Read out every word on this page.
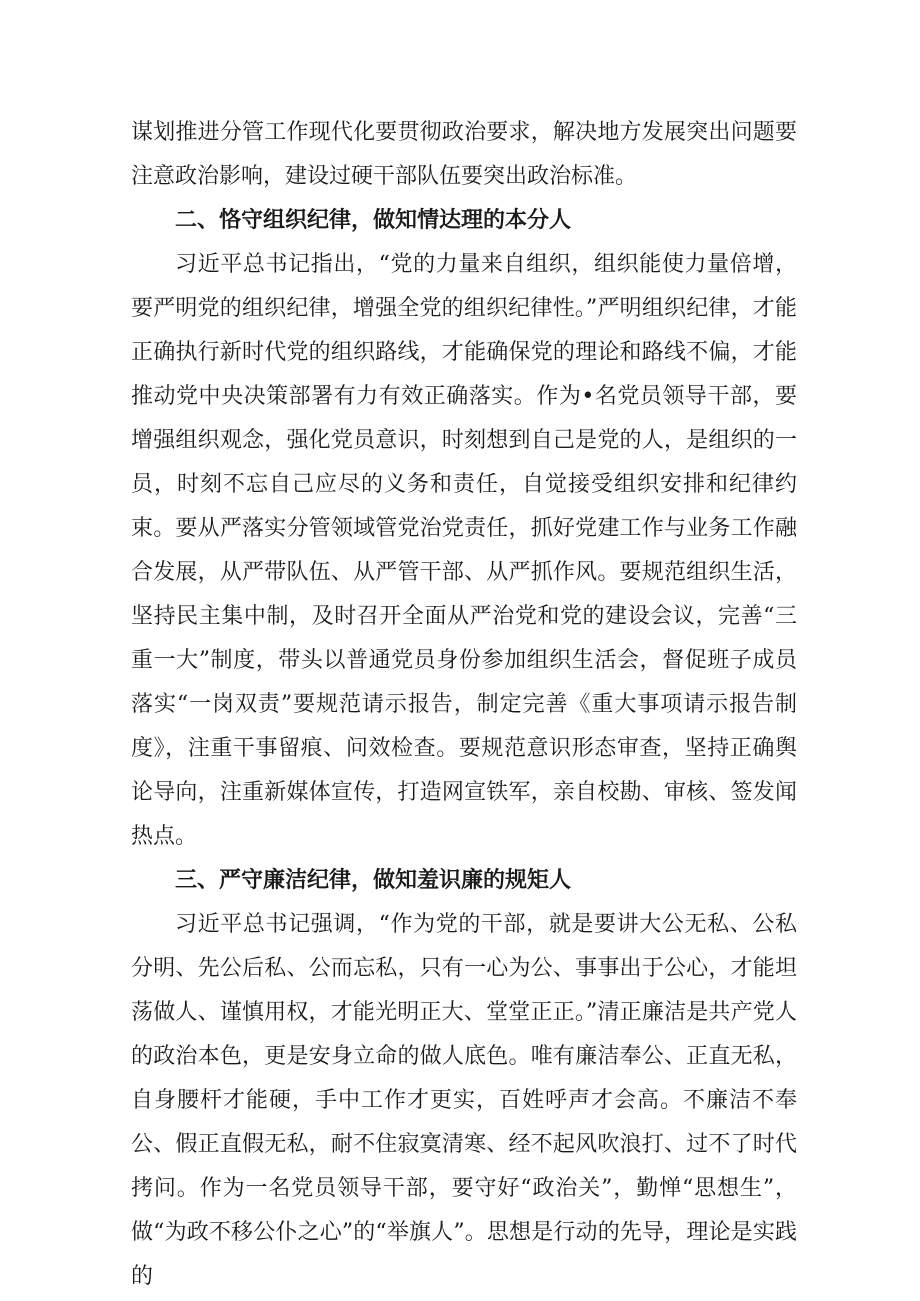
谋划推进分管工作现代化要贯彻政治要求，解决地方发展突出问题要注意政治影响，建设过硬干部队伍要突出政治标准。

二、恪守组织纪律，做知情达理的本分人

习近平总书记指出，“党的力量来自组织，组织能使力量倍增，要严明党的组织纪律，增强全党的组织纪律性。”严明组织纪律，才能正确执行新时代党的组织路线，才能确保党的理论和路线不偏，才能推动党中央决策部署有力有效正确落实。作为•名党员领导干部，要增强组织观念，强化党员意识，时刻想到自己是党的人，是组织的一员，时刻不忘自己应尽的义务和责任，自觉接受组织安排和纪律约束。要从严落实分管领域管党治党责任，抓好党建工作与业务工作融合发展，从严带队伍、从严管干部、从严抓作风。要规范组织生活，坚持民主集中制，及时召开全面从严治党和党的建设会议，完善“三重一大”制度，带头以普通党员身份参加组织生活会，督促班子成员落实“一岗双责”要规范请示报告，制定完善《重大事项请示报告制度》，注重干事留痕、问效检查。要规范意识形态审查，坚持正确舆论导向，注重新媒体宣传，打造网宣铁军，亲自校勘、审核、签发闻热点。

三、严守廉洁纪律，做知羞识廉的规矩人

习近平总书记强调，“作为党的干部，就是要讲大公无私、公私分明、先公后私、公而忘私，只有一心为公、事事出于公心，才能坦荡做人、谨慎用权，才能光明正大、堂堂正正。”清正廉洁是共产党人的政治本色，更是安身立命的做人底色。唯有廉洁奉公、正直无私，自身腰杆才能硬，手中工作才更实，百姓呼声才会高。不廉洁不奉公、假正直假无私，耐不住寂寞清寒、经不起风吹浪打、过不了时代拷问。作为一名党员领导干部，要守好“政治关”，勤惮“思想生”，做“为政不移公仆之心”的“举旗人”。思想是行动的先导，理论是实践的
